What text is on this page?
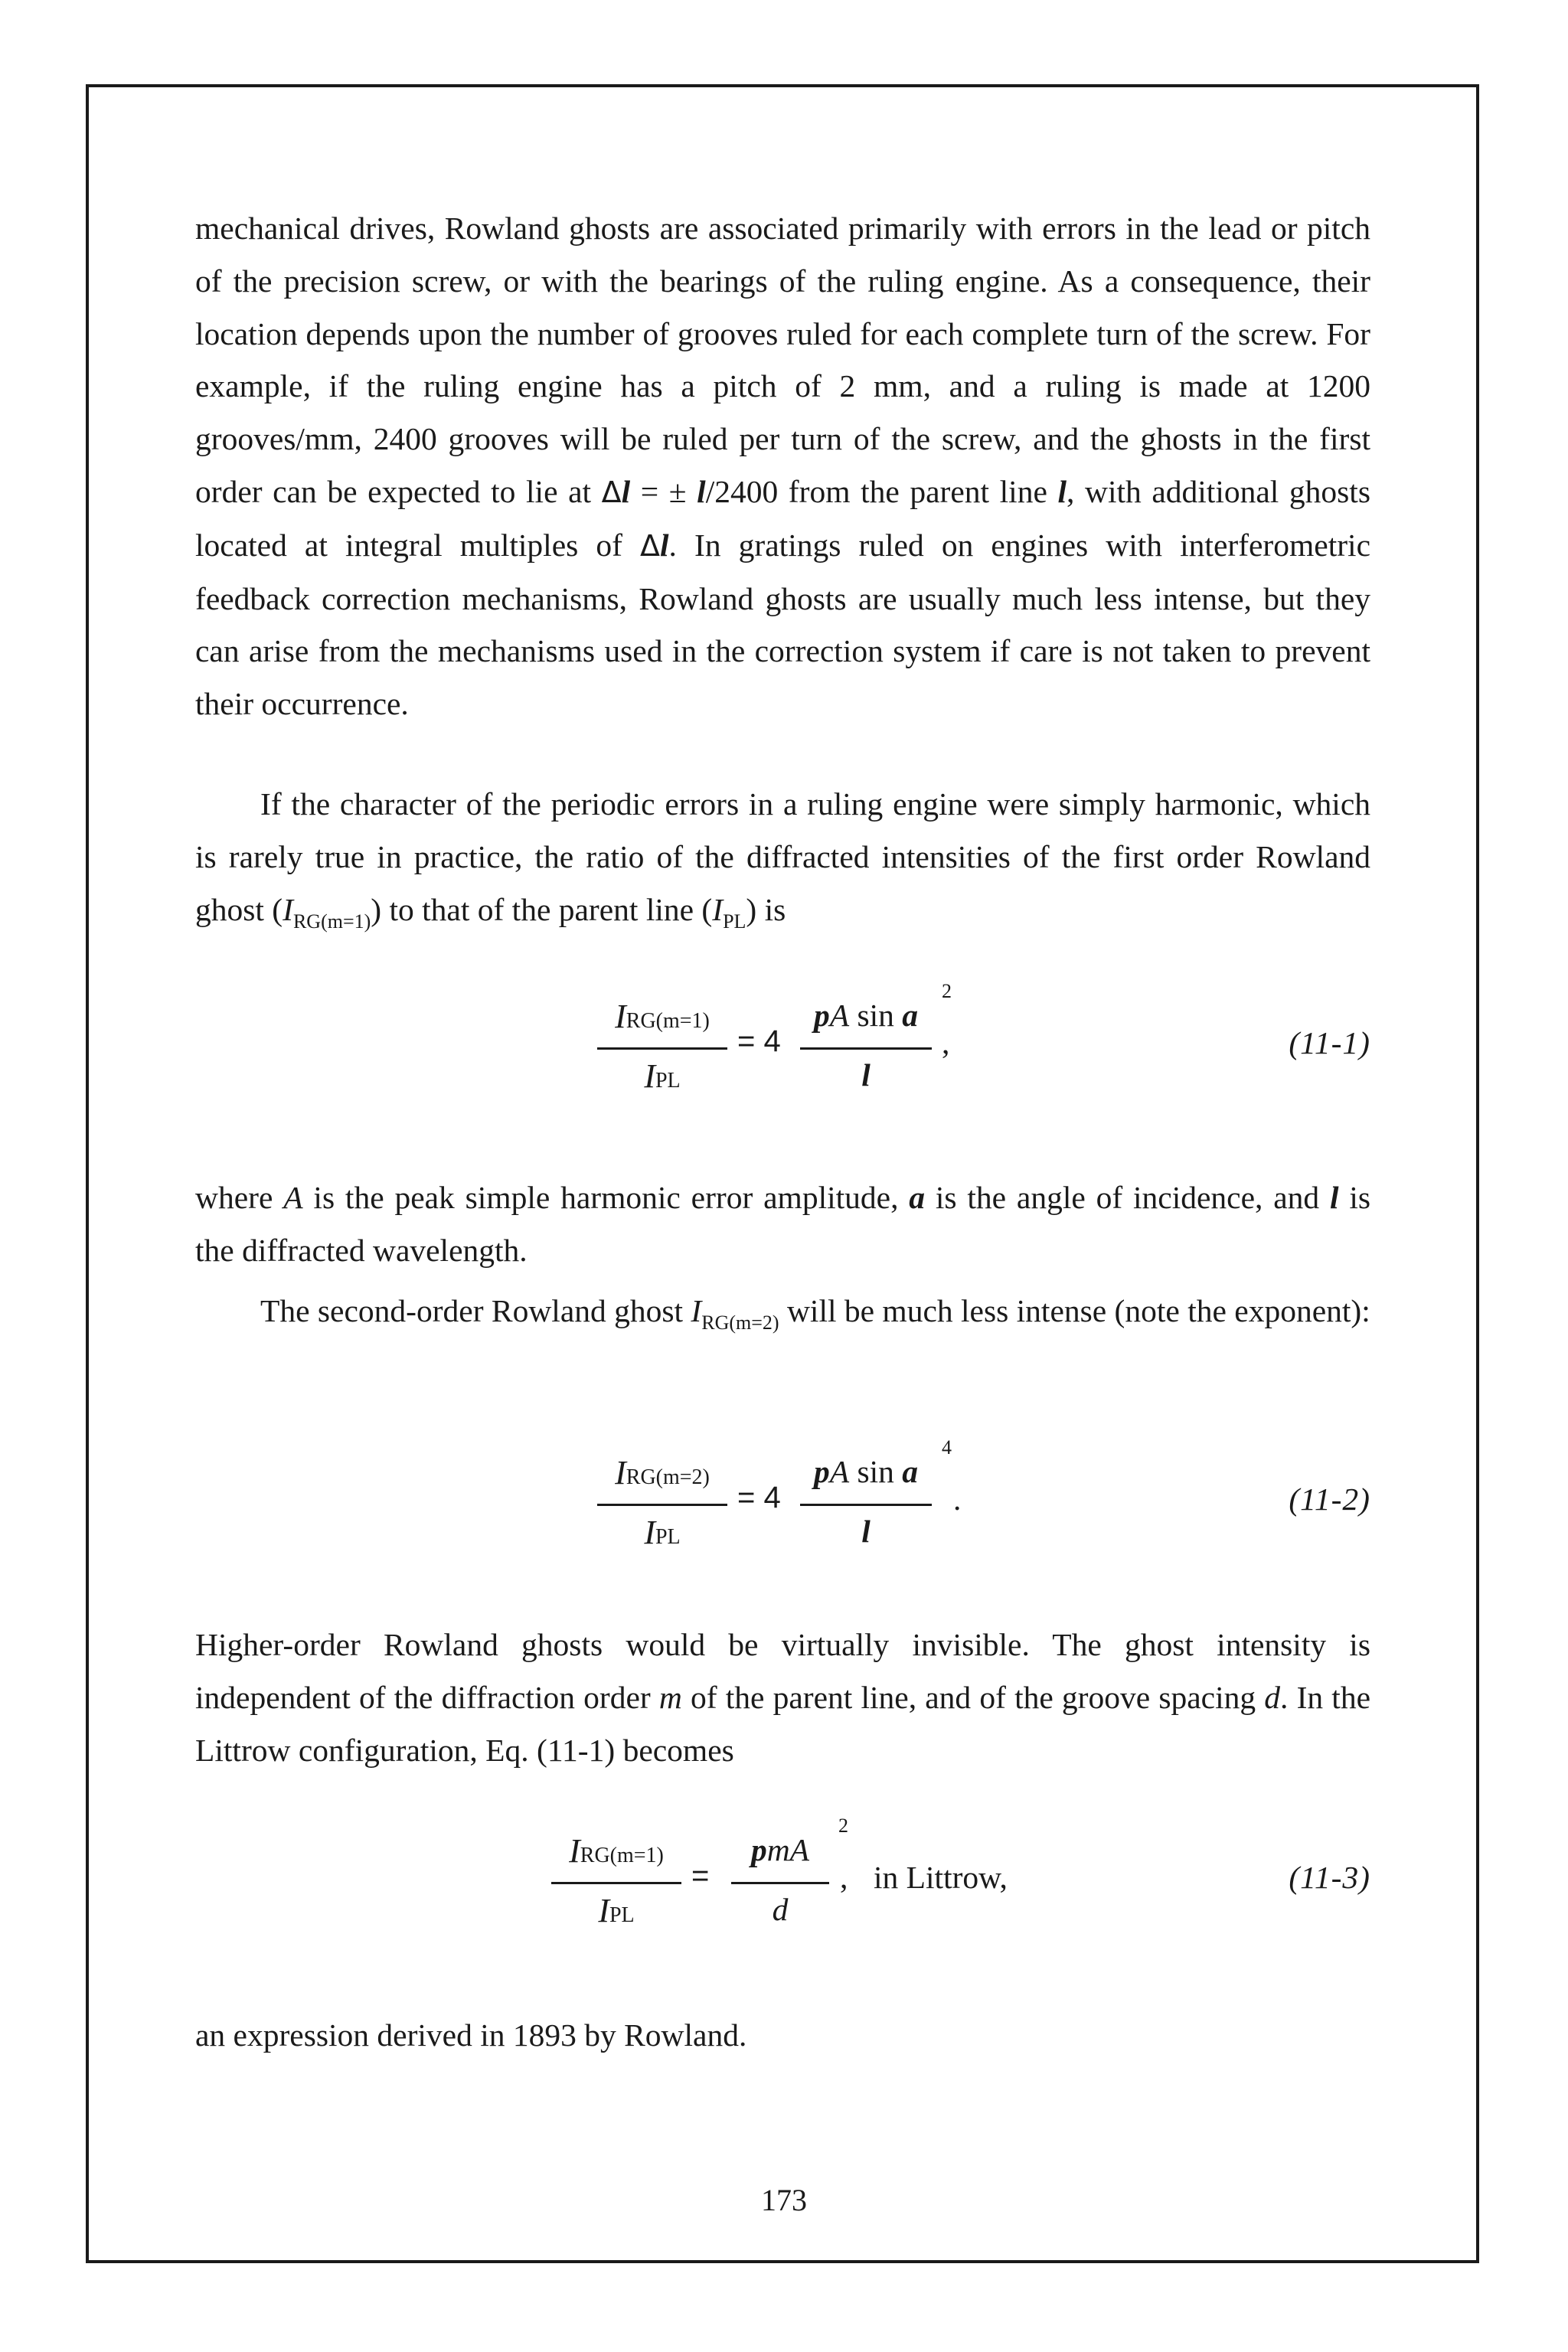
mechanical drives, Rowland ghosts are associated primarily with errors in the lead or pitch of the precision screw, or with the bearings of the ruling engine. As a consequence, their location depends upon the number of grooves ruled for each complete turn of the screw. For example, if the ruling engine has a pitch of 2 mm, and a ruling is made at 1200 grooves/mm, 2400 grooves will be ruled per turn of the screw, and the ghosts in the first order can be expected to lie at Δl = ± l/2400 from the parent line l, with additional ghosts located at integral multiples of Δl. In gratings ruled on engines with interferometric feedback correction mechanisms, Rowland ghosts are usually much less intense, but they can arise from the mechanisms used in the correction system if care is not taken to prevent their occurrence.

If the character of the periodic errors in a ruling engine were simply harmonic, which is rarely true in practice, the ratio of the diffracted intensities of the first order Rowland ghost $(I_{RG(m=1)})$ to that of the parent line $(I_{PL})$ is

IRG(m=1)
IPL
= 4
pA sin a
l
2
,	(11-1)

where A is the peak simple harmonic error amplitude, a is the angle of incidence, and l is the diffracted wavelength.

The second-order Rowland ghost $I_{RG(m=2)}$ will be much less intense (note the exponent):

IRG(m=2)
IPL
= 4
pA sin a
l
4
.	(11-2)

Higher-order Rowland ghosts would be virtually invisible. The ghost intensity is independent of the diffraction order m of the parent line, and of the groove spacing d. In the Littrow configuration, Eq. (11-1) becomes

IRG(m=1)
IPL
=
pmA
d
2
, in Littrow,	(11-3)

an expression derived in 1893 by Rowland.

173
